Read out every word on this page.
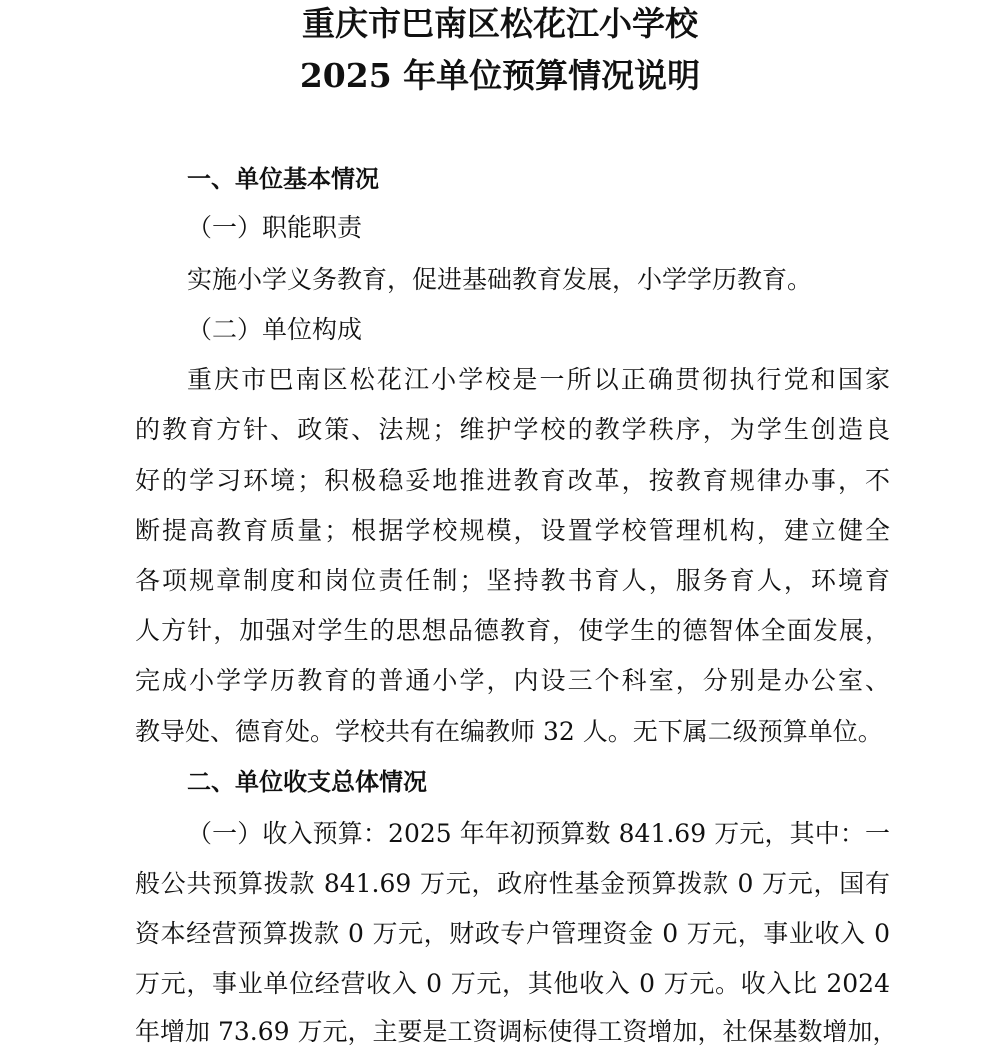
重庆市巴南区松花江小学校
2025 年单位预算情况说明
一、单位基本情况
（一）职能职责
实施小学义务教育，促进基础教育发展，小学学历教育。
（二）单位构成
重庆市巴南区松花江小学校是一所以正确贯彻执行党和国家
的教育方针、政策、法规；维护学校的教学秩序，为学生创造良
好的学习环境；积极稳妥地推进教育改革，按教育规律办事，不
断提高教育质量；根据学校规模，设置学校管理机构，建立健全
各项规章制度和岗位责任制；坚持教书育人，服务育人，环境育
人方针，加强对学生的思想品德教育，使学生的德智体全面发展，
完成小学学历教育的普通小学，内设三个科室，分别是办公室、
教导处、德育处。学校共有在编教师 32 人。无下属二级预算单位。
二、单位收支总体情况
（一）收入预算：2025 年年初预算数 841.69 万元，其中：一
般公共预算拨款 841.69 万元，政府性基金预算拨款 0 万元，国有
资本经营预算拨款 0 万元，财政专户管理资金 0 万元，事业收入 0
万元，事业单位经营收入 0 万元，其他收入 0 万元。收入比 2024
年增加 73.69 万元，主要是工资调标使得工资增加，社保基数增加，
